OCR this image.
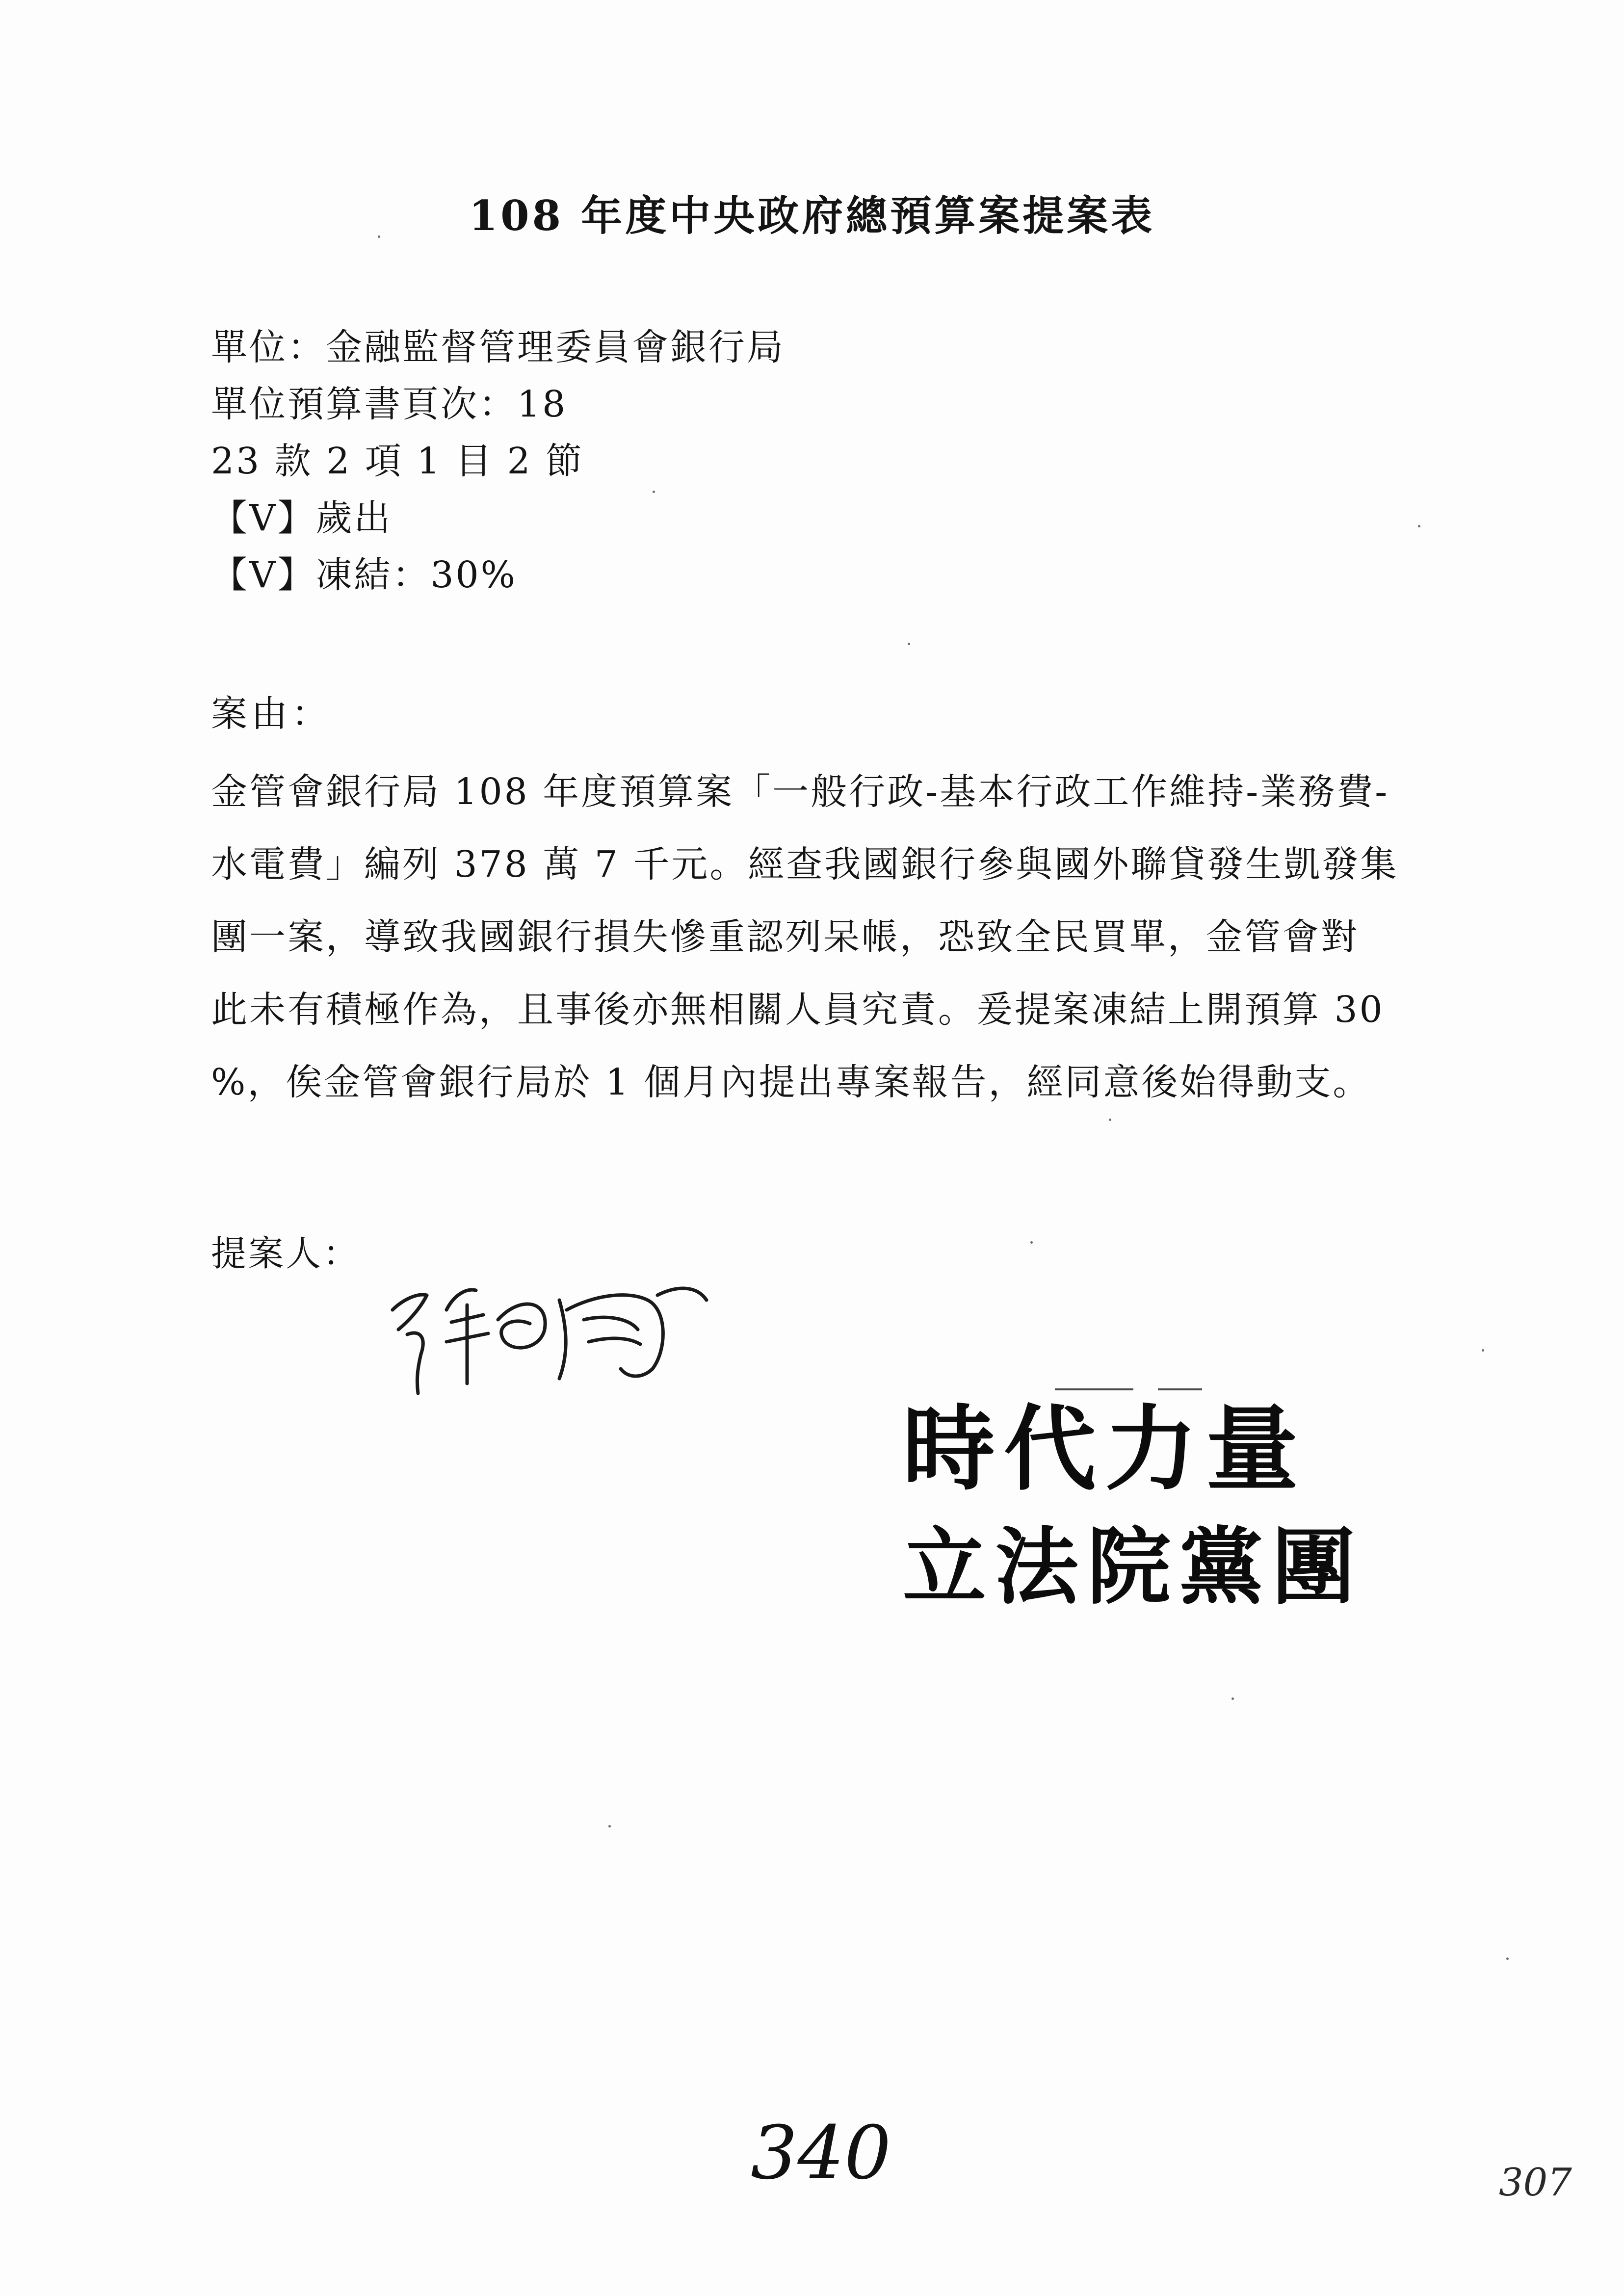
108 年度中央政府總預算案提案表
單位：金融監督管理委員會銀行局
單位預算書頁次：18
23 款 2 項 1 目 2 節
【V】歲出
【V】凍結：30%
案由：
金管會銀行局 108 年度預算案「一般行政-基本行政工作維持-業務費-
水電費」編列 378 萬 7 千元。經查我國銀行參與國外聯貸發生凱發集
團一案，導致我國銀行損失慘重認列呆帳，恐致全民買單，金管會對
此未有積極作為，且事後亦無相關人員究責。爰提案凍結上開預算 30
%，俟金管會銀行局於 1 個月內提出專案報告，經同意後始得動支。
提案人：
時代力量
立法院黨團
340	307
